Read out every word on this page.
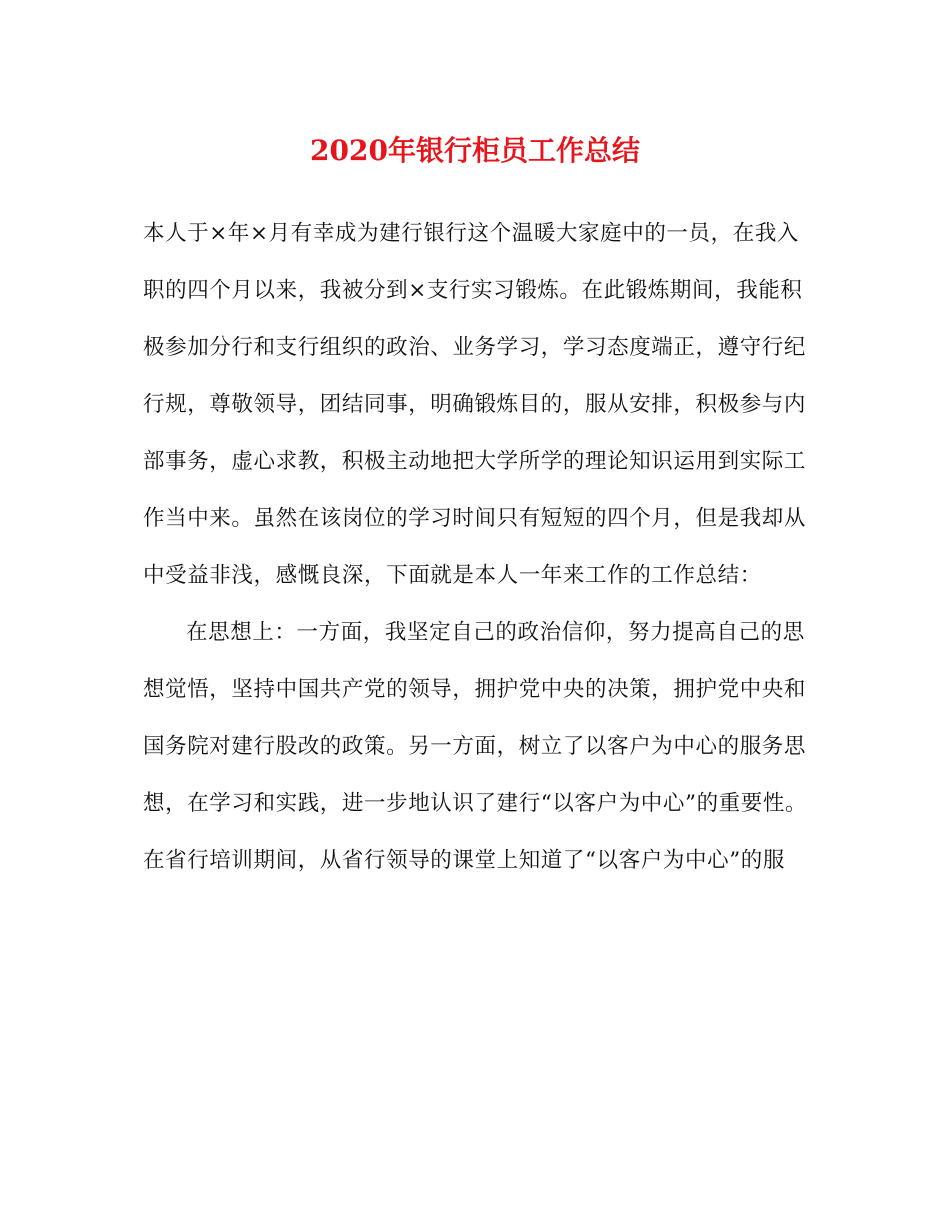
2020年银行柜员工作总结
本人于×年×月有幸成为建行银行这个温暖大家庭中的一员，在我入
职的四个月以来，我被分到×支行实习锻炼。在此锻炼期间，我能积
极参加分行和支行组织的政治、业务学习，学习态度端正，遵守行纪
行规，尊敬领导，团结同事，明确锻炼目的，服从安排，积极参与内
部事务，虚心求教，积极主动地把大学所学的理论知识运用到实际工
作当中来。虽然在该岗位的学习时间只有短短的四个月，但是我却从
中受益非浅，感慨良深，下面就是本人一年来工作的工作总结：
在思想上：一方面，我坚定自己的政治信仰，努力提高自己的思
想觉悟，坚持中国共产党的领导，拥护党中央的决策，拥护党中央和
国务院对建行股改的政策。另一方面，树立了以客户为中心的服务思
想，在学习和实践，进一步地认识了建行“以客户为中心”的重要性。
在省行培训期间，从省行领导的课堂上知道了“以客户为中心”的服
